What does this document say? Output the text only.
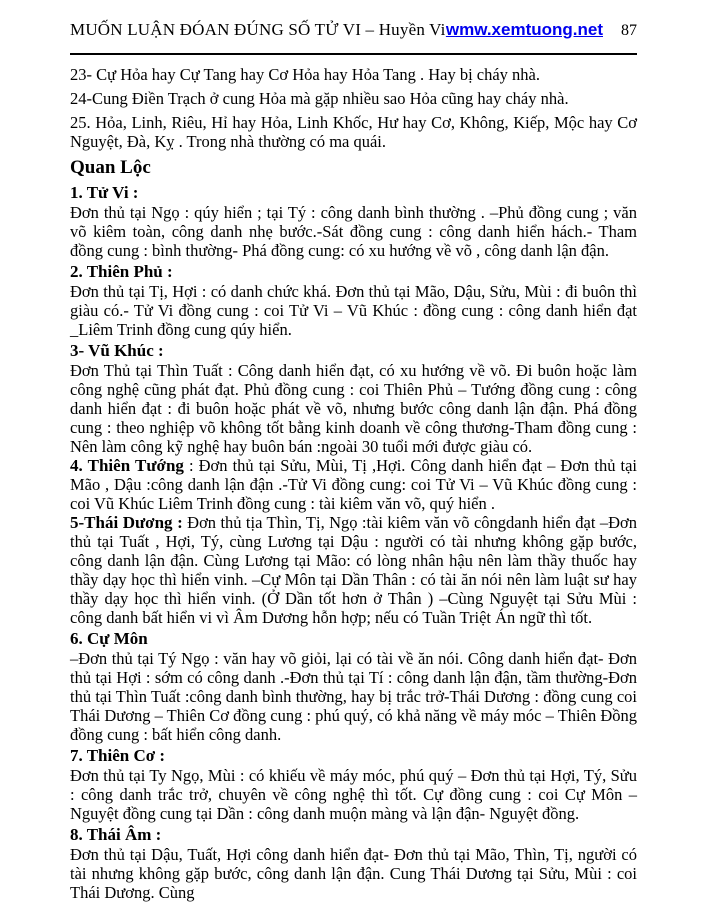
MUỐN LUẬN ĐÓAN ĐÚNG SỐ TỬ VI – Huyền Vi wmw.xemtuong.net 87

23- Cự Hỏa hay Cự Tang hay Cơ Hỏa hay Hỏa Tang . Hay bị cháy nhà.

24-Cung Điền Trạch ở cung Hỏa mà gặp nhiều sao Hỏa cũng hay cháy nhà.

25. Hỏa, Linh, Riêu, Hỉ hay Hỏa, Linh Khốc, Hư hay Cơ, Không, Kiếp, Mộc hay Cơ Nguyệt, Đà, Kỵ . Trong nhà thường có ma quái.

Quan Lộc
1. Tử Vi :

Đơn thủ tại Ngọ : qúy hiển ; tại Tý : công danh bình thường . –Phủ đồng cung ; văn võ kiêm toàn, công danh nhẹ bước.-Sát đồng cung : công danh hiển hách.- Tham đồng cung : bình thường- Phá đồng cung: có xu hướng về võ , công danh lận đận.

2. Thiên Phủ :

Đơn thủ tại Tị, Hợi : có danh chức khá. Đơn thủ tại Mão, Dậu, Sửu, Mùi : đi buôn thì giàu có.- Tử Vi đồng cung : coi Tử Vi – Vũ Khúc : đồng cung : công danh hiển đạt _Liêm Trinh đồng cung qúy hiển.

3- Vũ Khúc :

Đơn Thủ tại Thìn Tuất : Công danh hiển đạt, có xu hướng về võ. Đi buôn hoặc làm công nghệ cũng phát đạt. Phủ đồng cung : coi Thiên Phủ – Tướng đồng cung : công danh hiển đạt : đi buôn hoặc phát về võ, nhưng bước công danh lận đận. Phá đồng cung : theo nghiệp võ không tốt bằng kinh doanh về công thương-Tham đồng cung : Nên làm công kỹ nghệ hay buôn bán :ngoài 30 tuổi mới được giàu có.

4. Thiên Tướng : Đơn thủ tại Sửu, Mùi, Tị ,Hợi. Công danh hiển đạt – Đơn thủ tại Mão , Dậu :công danh lận đận .-Tử Vi đồng cung: coi Tử Vi – Vũ Khúc đồng cung : coi Vũ Khúc Liêm Trinh đồng cung : tài kiêm văn võ, quý hiển .

5-Thái Dương : Đơn thủ tịa Thìn, Tị, Ngọ :tài kiêm văn võ côngdanh hiển đạt –Đơn thủ tại Tuất , Hợi, Tý, cùng Lương tại Dậu : người có tài nhưng không gặp bước, công danh lận đận. Cùng Lương tại Mão: có lòng nhân hậu nên làm thầy thuốc hay thầy dạy học thì hiển vinh. –Cự Môn tại Dần Thân : có tài ăn nói nên làm luật sư hay thầy dạy học thì hiển vinh. (Ở Dần tốt hơn ở Thân ) –Cùng Nguyệt tại Sửu Mùi : công danh bất hiển vi vì Âm Dương hỗn hợp; nếu có Tuần Triệt Án ngữ thì tốt.

6. Cự Môn

–Đơn thủ tại Tý Ngọ : văn hay võ giỏi, lại có tài về ăn nói. Công danh hiển đạt- Đơn thủ tại Hợi : sớm có công danh .-Đơn thủ tại Tí : công danh lận đận, tầm thường-Đơn thủ tại Thìn Tuất :công danh bình thường, hay bị trắc trở-Thái Dương : đồng cung coi Thái Dương – Thiên Cơ đồng cung : phú quý, có khả năng về máy móc – Thiên Đồng đồng cung : bất hiển công danh.

7. Thiên Cơ :

Đơn thủ tại Ty Ngọ, Mùi : có khiếu về máy móc, phú quý – Đơn thủ tại Hợi, Tý, Sửu : công danh trắc trở, chuyên về công nghệ thì tốt. Cự đồng cung : coi Cự Môn –Nguyệt đồng cung tại Dần : công danh muộn màng và lận đận- Nguyệt đồng.

8. Thái Âm :

Đơn thủ tại Dậu, Tuất, Hợi công danh hiển đạt- Đơn thủ tại Mão, Thìn, Tị, người có tài nhưng không gặp bước, công danh lận đận. Cung Thái Dương tại Sửu, Mùi : coi Thái Dương. Cùng
